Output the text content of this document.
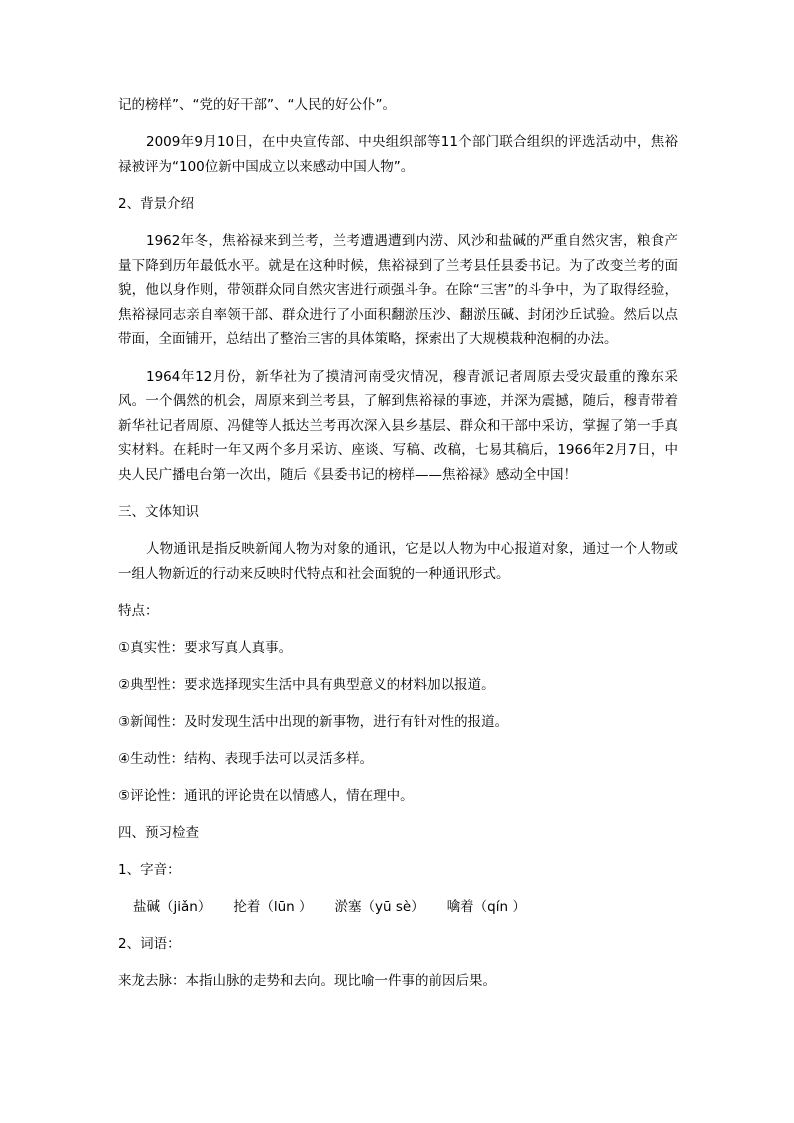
记的榜样”、“党的好干部”、“人民的好公仆”。

2009年9月10日，在中央宣传部、中央组织部等11个部门联合组织的评选活动中，焦裕禄被评为“100位新中国成立以来感动中国人物”。

2、背景介绍

1962年冬，焦裕禄来到兰考，兰考遭遇遭到内涝、风沙和盐碱的严重自然灾害，粮食产量下降到历年最低水平。就是在这种时候，焦裕禄到了兰考县任县委书记。为了改变兰考的面貌，他以身作则，带领群众同自然灾害进行顽强斗争。在除“三害”的斗争中，为了取得经验，焦裕禄同志亲自率领干部、群众进行了小面积翻淤压沙、翻淤压碱、封闭沙丘试验。然后以点带面，全面铺开，总结出了整治三害的具体策略，探索出了大规模栽种泡桐的办法。

1964年12月份，新华社为了摸清河南受灾情况，穆青派记者周原去受灾最重的豫东采风。一个偶然的机会，周原来到兰考县，了解到焦裕禄的事迹，并深为震撼，随后，穆青带着新华社记者周原、冯健等人抵达兰考再次深入县乡基层、群众和干部中采访，掌握了第一手真实材料。在耗时一年又两个多月采访、座谈、写稿、改稿，七易其稿后，1966年2月7日，中央人民广播电台第一次出，随后《县委书记的榜样——焦裕禄》感动全中国！

三、文体知识

人物通讯是指反映新闻人物为对象的通讯，它是以人物为中心报道对象，通过一个人物或一组人物新近的行动来反映时代特点和社会面貌的一种通讯形式。

特点：

①真实性：要求写真人真事。

②典型性：要求选择现实生活中具有典型意义的材料加以报道。

③新闻性：及时发现生活中出现的新事物，进行有针对性的报道。

④生动性：结构、表现手法可以灵活多样。

⑤评论性：通讯的评论贵在以情感人，情在理中。

四、预习检查

1、字音：

盐碱（jiǎn） 抡着（lūn ） 淤塞（yū sè） 噙着（qín ）

2、词语：

来龙去脉：本指山脉的走势和去向。现比喻一件事的前因后果。
